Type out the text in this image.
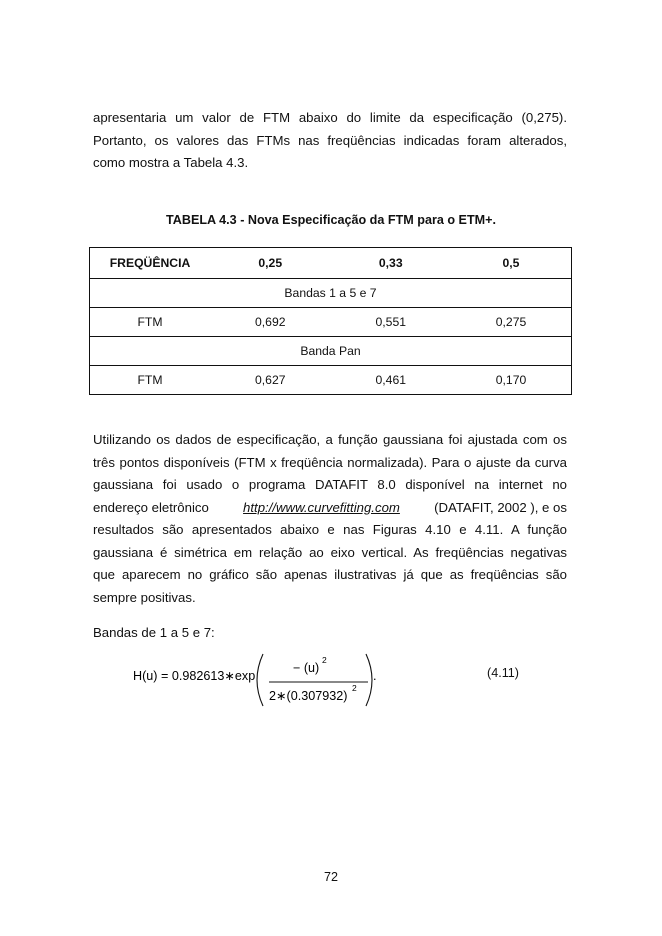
apresentaria um valor de FTM abaixo do limite da especificação (0,275).
Portanto, os valores das FTMs nas freqüências indicadas foram alterados,
como mostra a Tabela 4.3.
TABELA 4.3 - Nova Especificação da FTM para o ETM+.
FREQÜÊNCIA	0,25	0,33	0,5
Bandas 1 a 5 e 7			
FTM	0,692	0,551	0,275
Banda Pan			
FTM	0,627	0,461	0,170
Utilizando os dados de especificação, a função gaussiana foi ajustada com os
três pontos disponíveis (FTM x freqüência normalizada). Para o ajuste da curva
gaussiana foi usado o programa DATAFIT 8.0 disponível na internet no
endereço eletrônico	http://www.curvefitting.com	(DATAFIT, 2002 ), e os
resultados são apresentados abaixo e nas Figuras 4.10 e 4.11. A função
gaussiana é simétrica em relação ao eixo vertical. As freqüências negativas
que aparecem no gráfico são apenas ilustrativas já que as freqüências são
sempre positivas.
Bandas de 1 a 5 e 7:
H(u) = 0.982613∗exp
− (u)
2
2∗(0.307932)
2
.	(4.11)
72
